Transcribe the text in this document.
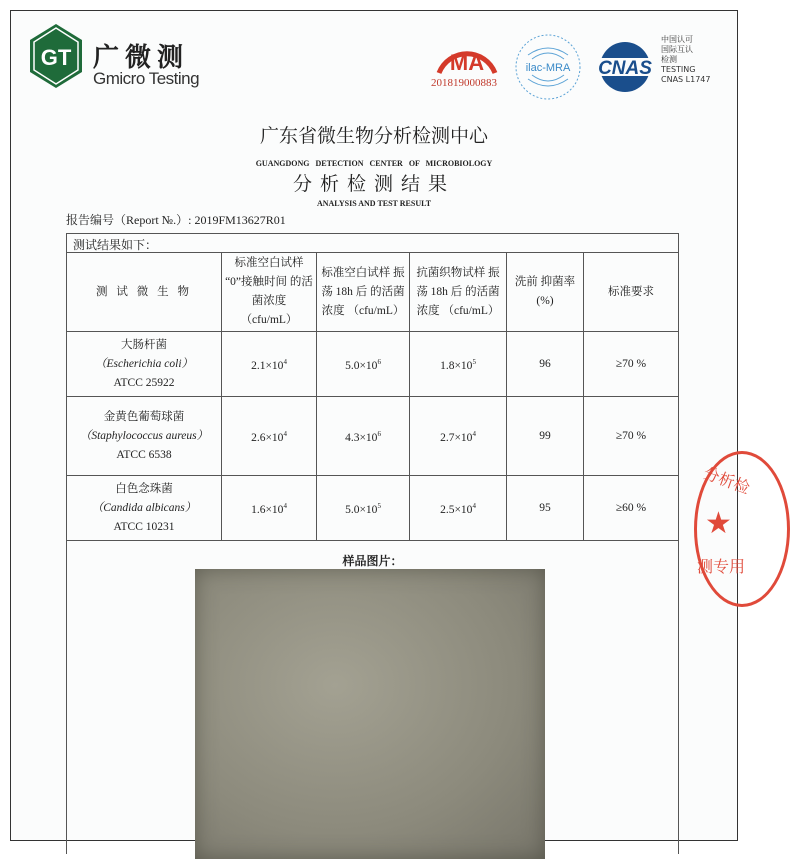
GT 广微测
Gmicro Testing
MA
201819000883
ilac-MRA CNAS
中国认可
国际互认
检测
TESTING
CNAS L1747
广东省微生物分析检测中心
GUANGDONG DETECTION CENTER OF MICROBIOLOGY
分析检测结果
ANALYSIS AND TEST RESULT
报告编号（Report №.）: 2019FM13627R01
测试结果如下：
测 试 微 生 物	标准空白试样 “0”接触时间 的活菌浓度 （cfu/mL）	标准空白试样 振荡 18h 后 的活菌浓度 （cfu/mL）	抗菌织物试样 振荡 18h 后 的活菌浓度 （cfu/mL）	洗前 抑菌率 (%)	标准要求

大肠杆菌
（Escherichia coli）
ATCC 25922	$2.1\times 10^4$	$5.0\times 10^6$	$1.8\times 10^5$	96	≥70 %

金黄色葡萄球菌
（Staphylococcus aureus）
ATCC 6538	$2.6\times 10^4$	$4.3\times 10^6$	$2.7\times 10^4$	99	≥70 %

白色念珠菌
（Candida albicans）
ATCC 10231	$1.6\times 10^4$	$5.0\times 10^5$	$2.5\times 10^4$	95	≥60 %
样品图片：
分析检
★
测专用
